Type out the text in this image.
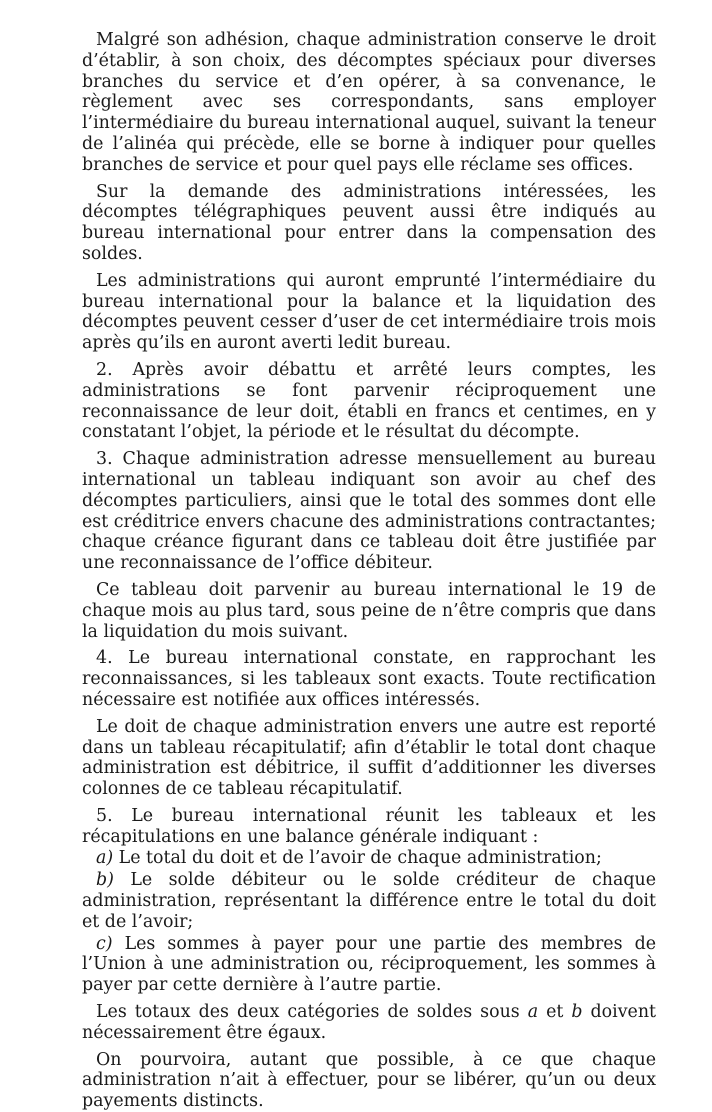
Malgré son adhésion, chaque administration conserve le droit d’établir, à son choix, des décomptes spéciaux pour diverses branches du service et d’en opérer, à sa convenance, le règlement avec ses correspondants, sans employer l’intermédiaire du bureau international auquel, suivant la teneur de l’alinéa qui précède, elle se borne à indiquer pour quelles branches de service et pour quel pays elle réclame ses offices.

Sur la demande des administrations intéressées, les décomptes télégraphiques peuvent aussi être indiqués au bureau international pour entrer dans la compensation des soldes.

Les administrations qui auront emprunté l’intermédiaire du bureau international pour la balance et la liquidation des décomptes peuvent cesser d’user de cet intermédiaire trois mois après qu’ils en auront averti ledit bureau.

2. Après avoir débattu et arrêté leurs comptes, les administrations se font parvenir réciproquement une reconnaissance de leur doit, établi en francs et centimes, en y constatant l’objet, la période et le résultat du décompte.

3. Chaque administration adresse mensuellement au bureau international un tableau indiquant son avoir au chef des décomptes particuliers, ainsi que le total des sommes dont elle est créditrice envers chacune des administrations contractantes; chaque créance figurant dans ce tableau doit être justifiée par une reconnaissance de l’office débiteur.

Ce tableau doit parvenir au bureau international le 19 de chaque mois au plus tard, sous peine de n’être compris que dans la liquidation du mois suivant.

4. Le bureau international constate, en rapprochant les reconnaissances, si les tableaux sont exacts. Toute rectification nécessaire est notifiée aux offices intéressés.

Le doit de chaque administration envers une autre est reporté dans un tableau récapitulatif; afin d’établir le total dont chaque administration est débitrice, il suffit d’additionner les diverses colonnes de ce tableau récapitulatif.

5. Le bureau international réunit les tableaux et les récapitulations en une balance générale indiquant :

a) Le total du doit et de l’avoir de chaque administration;

b) Le solde débiteur ou le solde créditeur de chaque administration, représentant la différence entre le total du doit et de l’avoir;

c) Les sommes à payer pour une partie des membres de l’Union à une administration ou, réciproquement, les sommes à payer par cette dernière à l’autre partie.

Les totaux des deux catégories de soldes sous a et b doivent nécessairement être égaux.

On pourvoira, autant que possible, à ce que chaque administration n’ait à effectuer, pour se libérer, qu’un ou deux payements distincts.
